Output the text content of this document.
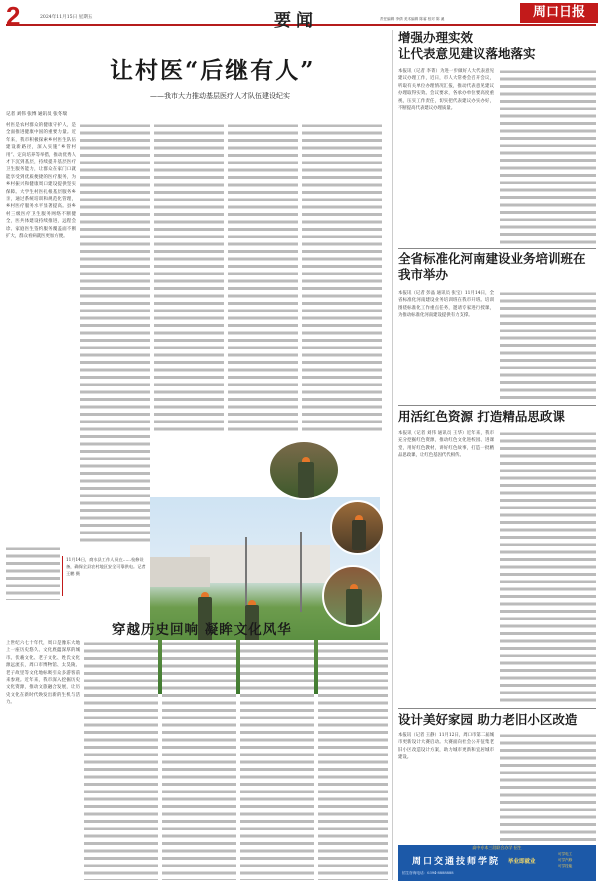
2	2024年11月15日 星期五	要闻	责任编辑 李倩 美术编辑 陈睿 校对 陈 溪	周口日报
让村医“后继有人”
——我市大力推动基层医疗人才队伍建设纪实
记者 刘伟 张博 通讯员 张冬瑞
村医是农村群众的健康守护人，是全面推进健康中国的重要力量。近年来，我市积极探索乡村医生队伍建设新路径，深入实施“乡管村用”、定向培养等举措，推动优秀人才下沉到基层，持续提升基层医疗卫生服务能力，让群众在家门口就能享受到优质便捷的医疗服务，为乡村振兴和健康周口建设提供坚实保障。大学生村医扎根基层服务乡亲，通过系统培训和规范化管理，乡村医疗服务水平显著提高。县乡村三级医疗卫生服务网络不断健全，医共体建设持续推进，远程会诊、家庭医生签约服务覆盖面不断扩大，群众看病就医更加方便。
11月14日，商水县工作人员在……检修设备，确保全县农村地区安全可靠供电。记者 王鹏 摄
穿越历史回响 凝眸文化风华
上世纪六七十年代，周口是豫东大地上一座历史悠久、文化底蕴深厚的城市。伏羲文化、老子文化、姓氏文化源远流长，周口市博物馆、太昊陵、老子故里等文化地标吸引众多游客前来参观。近年来，我市深入挖掘历史文化资源，推动文旅融合发展，让历史文化在新时代焕发出新的生机与活力。
增强办理实效
让代表意见建议落地落实
本报讯（记者 李菁）为进一步做好人大代表意见建议办理工作，近日，市人大常委会召开会议，听取有关单位办理情况汇报，推动代表意见建议办理取得实效。会议要求，各承办单位要高度重视，压实工作责任，切实把代表建议办实办好，不断提高代表建议办理质量。
全省标准化河南建设业务培训班在我市举办
本报讯（记者 彭晶 通讯员 张宝）11月14日，全省标准化河南建设业务培训班在我市开班。培训围绕标准化工作重点任务，邀请专家进行授课，为推动标准化河南建设提供有力支撑。
用活红色资源 打造精品思政课
本报讯（记者 刘伟 通讯员 王华）近年来，我市充分挖掘红色资源，推动红色文化进校园、进课堂，用好红色教材，讲好红色故事，打造一批精品思政课，让红色基因代代相传。
设计美好家园 助力老旧小区改造
本报讯（记者 王静）11月12日，周口市第二届城市更新设计大赛启动。大赛面向社会公开征集老旧小区改造设计方案，助力城市更新和宜居城市建设。
高中专本三段联合办学 招生
周口交通技师学院 毕业即就业
招生咨询电话：0394-8888888
可学电工
可学汽修
可学技能
